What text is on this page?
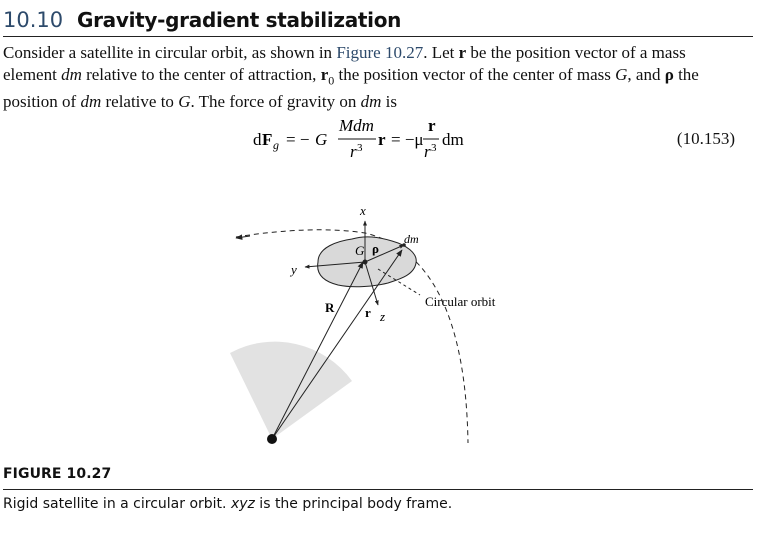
10.10 Gravity-gradient stabilization
Consider a satellite in circular orbit, as shown in Figure 10.27. Let r be the position vector of a mass element dm relative to the center of attraction, $r_0$ the position vector of the center of mass G, and ρ the position of dm relative to G. The force of gravity on dm is
d F g = − G
Mdm
r 3 r = −μ
r
r 3 dm	(10.153)
x
y
z
G ρ
dm
R r
Circular orbit
FIGURE 10.27
Rigid satellite in a circular orbit. xyz is the principal body frame.
